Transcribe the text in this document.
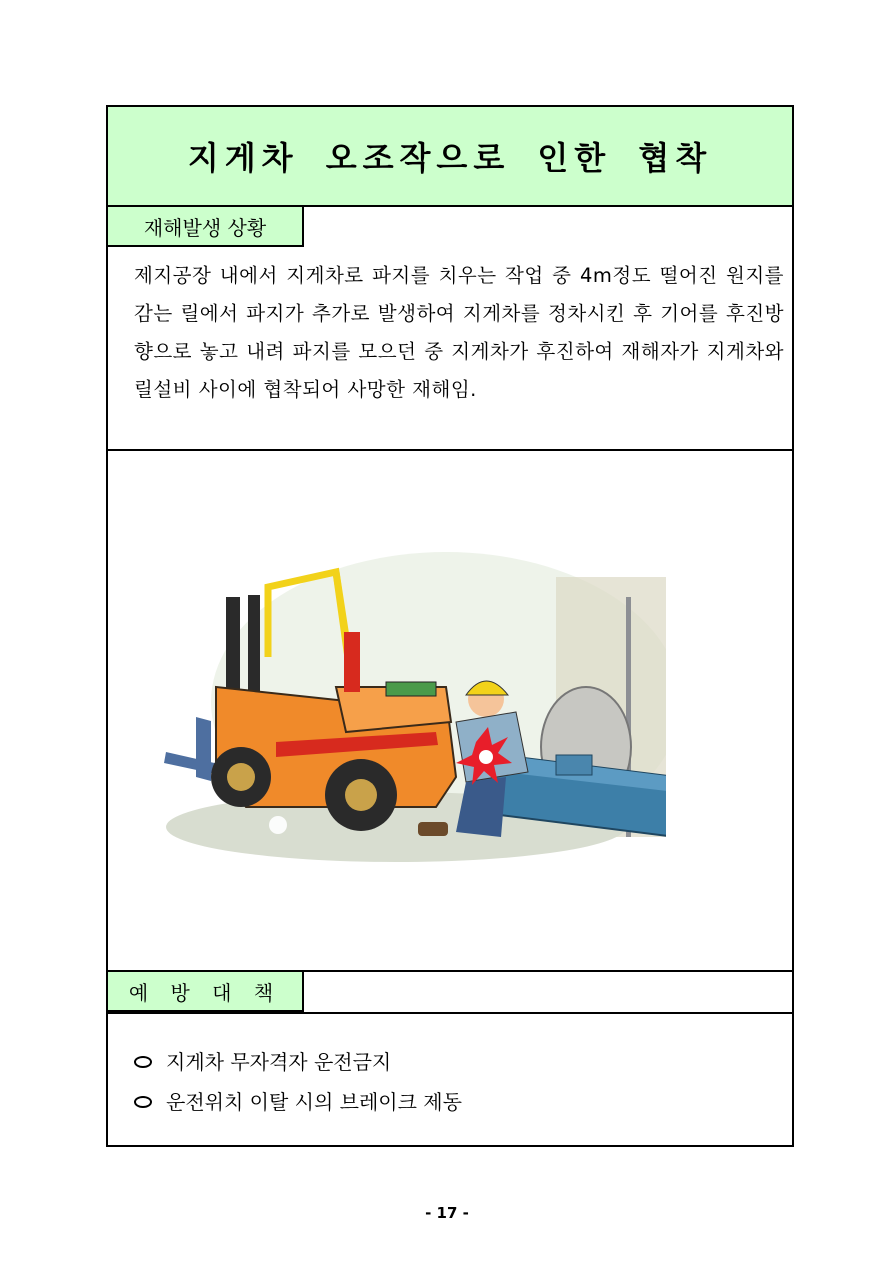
지게차 오조작으로 인한 협착
재해발생 상황
제지공장 내에서 지게차로 파지를 치우는 작업 중 4m정도 떨어진 원지를 감는 릴에서 파지가 추가로 발생하여 지게차를 정차시킨 후 기어를 후진방향으로 놓고 내려 파지를 모으던 중 지게차가 후진하여 재해자가 지게차와 릴설비 사이에 협착되어 사망한 재해임.
예 방 대 책
지게차 무자격자 운전금지
운전위치 이탈 시의 브레이크 제동
- 17 -
